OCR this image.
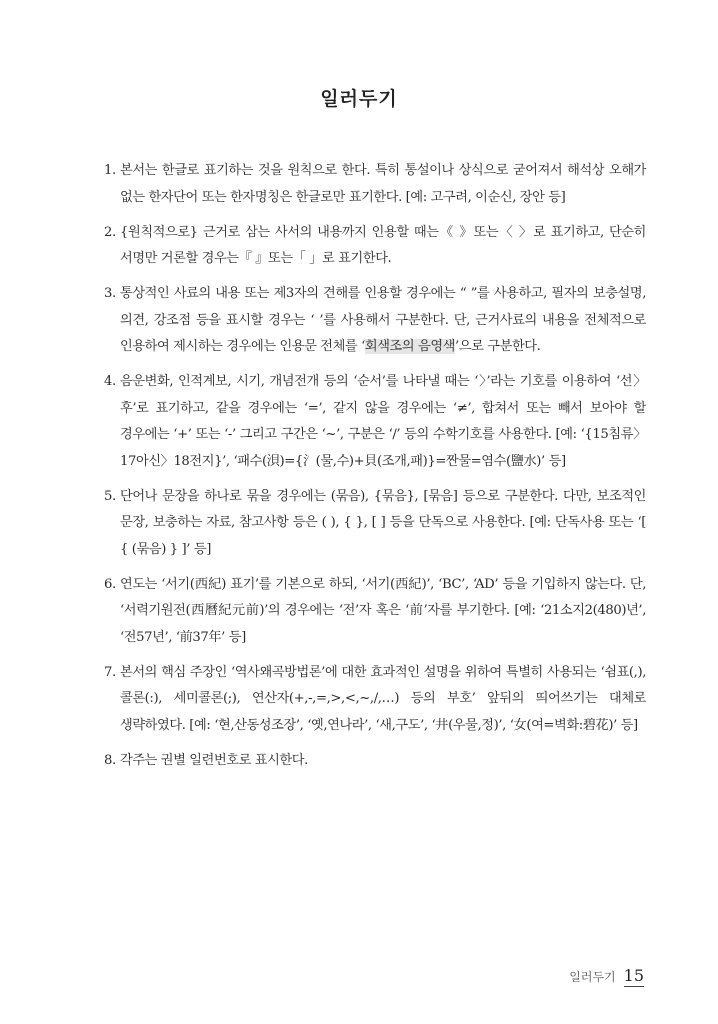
일러두기
1. 본서는 한글로 표기하는 것을 원칙으로 한다. 특히 통설이나 상식으로 굳어져서 해석상 오해가 없는 한자단어 또는 한자명칭은 한글로만 표기한다. [예: 고구려, 이순신, 장안 등]
2. {원칙적으로} 근거로 삼는 사서의 내용까지 인용할 때는《 》또는〈 〉로 표기하고, 단순히 서명만 거론할 경우는『 』또는「 」로 표기한다.
3. 통상적인 사료의 내용 또는 제3자의 견해를 인용할 경우에는 “ ”를 사용하고, 필자의 보충설명, 의견, 강조점 등을 표시할 경우는 ‘ ’를 사용해서 구분한다. 단, 근거사료의 내용을 전체적으로 인용하여 제시하는 경우에는 인용문 전체를 ‘회색조의 음영색’으로 구분한다.
4. 음운변화, 인적계보, 시기, 개념전개 등의 ‘순서’를 나타낼 때는 ‘〉’라는 기호를 이용하여 ‘선〉후’로 표기하고, 같을 경우에는 ‘=’, 같지 않을 경우에는 ‘≠’, 합쳐서 또는 빼서 보아야 할 경우에는 ‘+’ 또는 ‘-’ 그리고 구간은 ‘~’, 구분은 ‘/’ 등의 수학기호를 사용한다. [예: ‘{15침류〉17아신〉18전지}’, ‘패수(浿)={氵(물,수)+貝(조개,패)}=짠물=염수(鹽水)’ 등]
5. 단어나 문장을 하나로 묶을 경우에는 (묶음), {묶음}, [묶음] 등으로 구분한다. 다만, 보조적인 문장, 보충하는 자료, 참고사항 등은 ( ), { }, [ ] 등을 단독으로 사용한다. [예: 단독사용 또는 ‘[ { (묶음) } ]’ 등]
6. 연도는 ‘서기(西紀) 표기’를 기본으로 하되, ‘서기(西紀)’, ‘BC’, ‘AD’ 등을 기입하지 않는다. 단, ‘서력기원전(西曆紀元前)’의 경우에는 ‘전’자 혹은 ‘前’자를 부기한다. [예: ‘21소지2(480)년’, ‘전57년’, ‘前37年’ 등]
7. 본서의 핵심 주장인 ‘역사왜곡방법론’에 대한 효과적인 설명을 위하여 특별히 사용되는 ‘쉼표(,), 콜론(:), 세미콜론(;), 연산자(+,-,=,>,<,~,/,…) 등의 부호’ 앞뒤의 띄어쓰기는 대체로 생략하였다. [예: ‘현,산동성조장’, ‘옛,연나라’, ‘새,구도’, ‘井(우물,정)’, ‘女(여=벽화:碧花)’ 등]
8. 각주는 권별 일련번호로 표시한다.
일러두기 15
